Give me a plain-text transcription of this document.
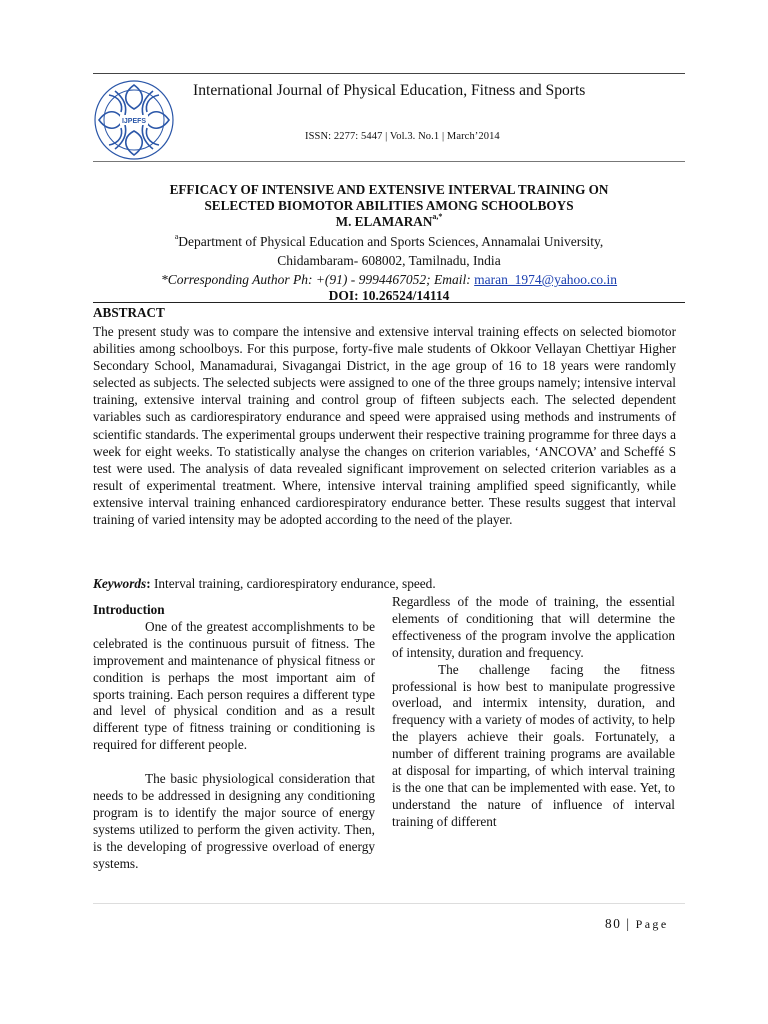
IJPEFS
International Journal of Physical Education, Fitness and Sports
ISSN: 2277: 5447 | Vol.3. No.1 | March’2014
EFFICACY OF INTENSIVE AND EXTENSIVE INTERVAL TRAINING ON
SELECTED BIOMOTOR ABILITIES AMONG SCHOOLBOYS
M. $ELAMARAN^{a,*}$
$^a$Department of Physical Education and Sports Sciences, Annamalai University,
Chidambaram- 608002, Tamilnadu, India
*Corresponding Author Ph: +(91) - 9994467052; Email: maran_1974@yahoo.co.in
DOI: 10.26524/14114
ABSTRACT
The present study was to compare the intensive and extensive interval training effects on selected biomotor abilities among schoolboys. For this purpose, forty-five male students of Okkoor Vellayan Chettiyar Higher Secondary School, Manamadurai, Sivagangai District, in the age group of 16 to 18 years were randomly selected as subjects. The selected subjects were assigned to one of the three groups namely; intensive interval training, extensive interval training and control group of fifteen subjects each. The selected dependent variables such as cardiorespiratory endurance and speed were appraised using methods and instruments of scientific standards. The experimental groups underwent their respective training programme for three days a week for eight weeks. To statistically analyse the changes on criterion variables, ‘ANCOVA’ and Scheffé S test were used. The analysis of data revealed significant improvement on selected criterion variables as a result of experimental treatment. Where, intensive interval training amplified speed significantly, while extensive interval training enhanced cardiorespiratory endurance better. These results suggest that interval training of varied intensity may be adopted according to the need of the player.
Keywords: Interval training, cardiorespiratory endurance, speed.
Introduction

One of the greatest accomplishments to be celebrated is the continuous pursuit of fitness. The improvement and maintenance of physical fitness or condition is perhaps the most important aim of sports training. Each person requires a different type and level of physical condition and as a result different type of fitness training or conditioning is required for different people.

The basic physiological consideration that needs to be addressed in designing any conditioning program is to identify the major source of energy systems utilized to perform the given activity. Then, is the developing of progressive overload of energy systems.

Regardless of the mode of training, the essential elements of conditioning that will determine the effectiveness of the program involve the application of intensity, duration and frequency.

The challenge facing the fitness professional is how best to manipulate progressive overload, and intermix intensity, duration, and frequency with a variety of modes of activity, to help the players achieve their goals. Fortunately, a number of different training programs are available at disposal for imparting, of which interval training is the one that can be implemented with ease. Yet, to understand the nature of influence of interval training of different

80 | Page
